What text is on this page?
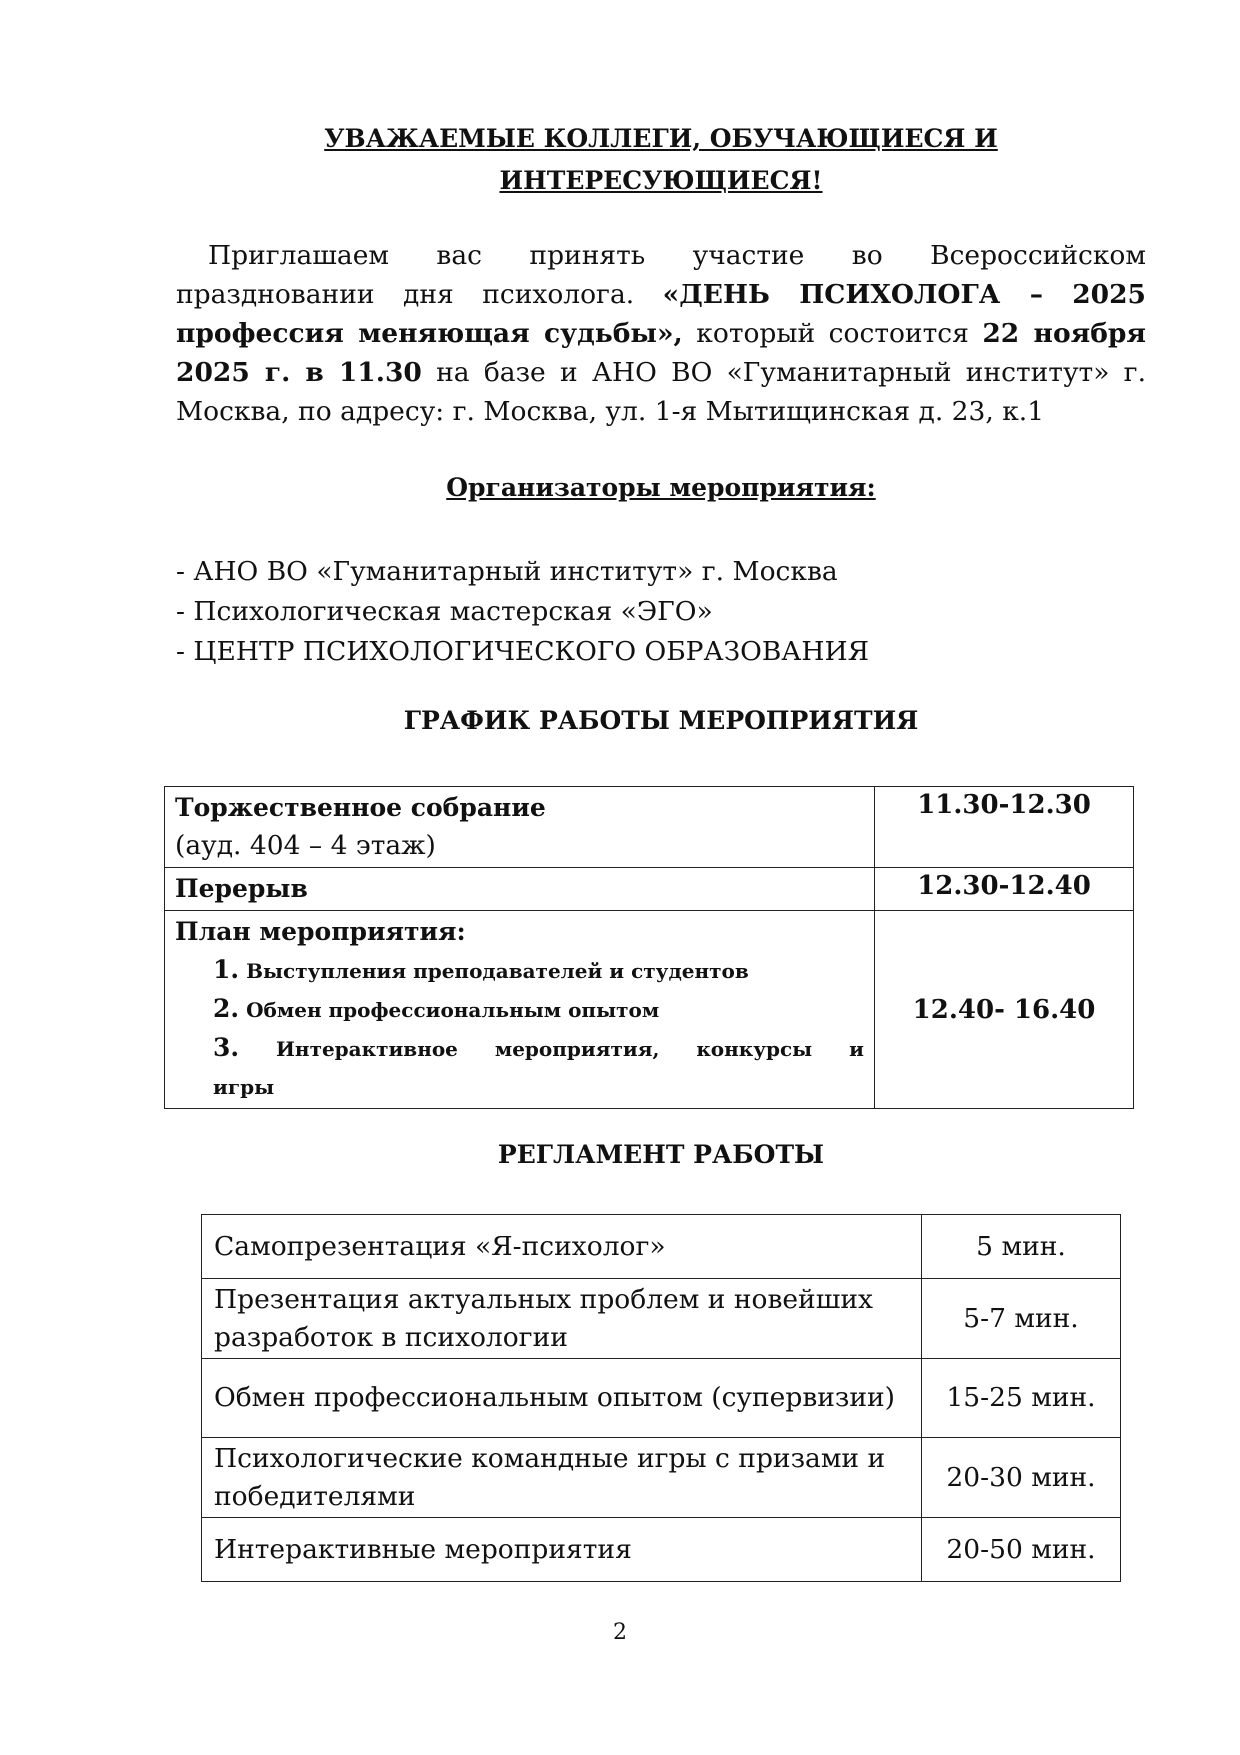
УВАЖАЕМЫЕ КОЛЛЕГИ, ОБУЧАЮЩИЕСЯ И
ИНТЕРЕСУЮЩИЕСЯ!
Приглашаем вас принять участие во Всероссийском праздновании дня психолога. «ДЕНЬ ПСИХОЛОГА – 2025 профессия меняющая судьбы», который состоится 22 ноября 2025 г. в 11.30 на базе и АНО ВО «Гуманитарный институт» г. Москва, по адресу: г. Москва, ул. 1-я Мытищинская д. 23, к.1
Организаторы мероприятия:
- АНО ВО «Гуманитарный институт» г. Москва
- Психологическая мастерская «ЭГО»
- ЦЕНТР ПСИХОЛОГИЧЕСКОГО ОБРАЗОВАНИЯ
ГРАФИК РАБОТЫ МЕРОПРИЯТИЯ
Торжественное собрание
(ауд. 404 – 4 этаж)	11.30-12.30

Перерыв	12.30-12.40

План мероприятия:
1. Выступления преподавателей и студентов
2. Обмен профессиональным опытом
3. Интерактивное мероприятия, конкурсы и
игры	12.40- 16.40
РЕГЛАМЕНТ РАБОТЫ
Самопрезентация «Я-психолог»	5 мин.
Презентация актуальных проблем и новейших разработок в психологии	5-7 мин.
Обмен профессиональным опытом (супервизии)	15-25 мин.
Психологические командные игры с призами и победителями	20-30 мин.
Интерактивные мероприятия	20-50 мин.
2
